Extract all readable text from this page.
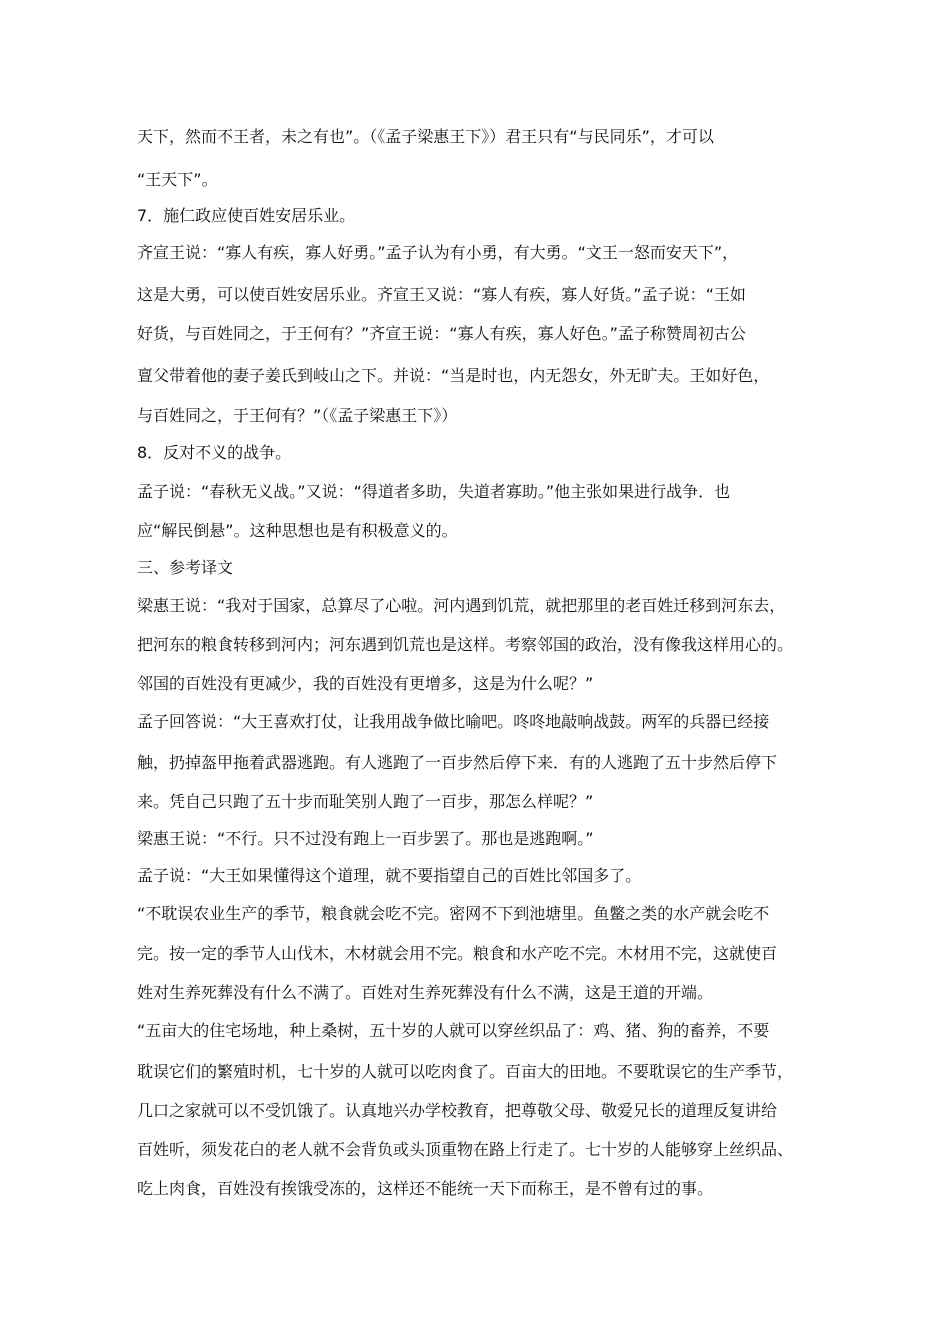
天下，然而不王者，未之有也”。（《孟子梁惠王下》）君王只有“与民同乐”，才可以

“王天下”。

7．施仁政应使百姓安居乐业。

齐宣王说：“寡人有疾，寡人好勇。”孟子认为有小勇，有大勇。“文王一怒而安天下”，

这是大勇，可以使百姓安居乐业。齐宣王又说：“寡人有疾，寡人好货。”孟子说：“王如

好货，与百姓同之，于王何有？”齐宣王说：“寡人有疾，寡人好色。”孟子称赞周初古公

亶父带着他的妻子姜氏到岐山之下。并说：“当是时也，内无怨女，外无旷夫。王如好色，

与百姓同之，于王何有？”（《孟子梁惠王下》）

8．反对不义的战争。

孟子说：“春秋无义战。”又说：“得道者多助，失道者寡助。”他主张如果进行战争．也

应“解民倒悬”。这种思想也是有积极意义的。

三、参考译文

梁惠王说：“我对于国家，总算尽了心啦。河内遇到饥荒，就把那里的老百姓迁移到河东去，

把河东的粮食转移到河内；河东遇到饥荒也是这样。考察邻国的政治，没有像我这样用心的。

邻国的百姓没有更减少，我的百姓没有更增多，这是为什么呢？”

孟子回答说：“大王喜欢打仗，让我用战争做比喻吧。咚咚地敲响战鼓。两军的兵器已经接

触，扔掉盔甲拖着武器逃跑。有人逃跑了一百步然后停下来．有的人逃跑了五十步然后停下

来。凭自己只跑了五十步而耻笑别人跑了一百步，那怎么样呢？”

梁惠王说：“不行。只不过没有跑上一百步罢了。那也是逃跑啊。”

孟子说：“大王如果懂得这个道理，就不要指望自己的百姓比邻国多了。

“不耽误农业生产的季节，粮食就会吃不完。密网不下到池塘里。鱼鳖之类的水产就会吃不

完。按一定的季节人山伐木，木材就会用不完。粮食和水产吃不完。木材用不完，这就使百

姓对生养死葬没有什么不满了。百姓对生养死葬没有什么不满，这是王道的开端。

“五亩大的住宅场地，种上桑树，五十岁的人就可以穿丝织品了：鸡、猪、狗的畜养，不要

耽误它们的繁殖时机，七十岁的人就可以吃肉食了。百亩大的田地。不要耽误它的生产季节，

几口之家就可以不受饥饿了。认真地兴办学校教育，把尊敬父母、敬爱兄长的道理反复讲给

百姓听，须发花白的老人就不会背负或头顶重物在路上行走了。七十岁的人能够穿上丝织品、

吃上肉食，百姓没有挨饿受冻的，这样还不能统一天下而称王，是不曾有过的事。
